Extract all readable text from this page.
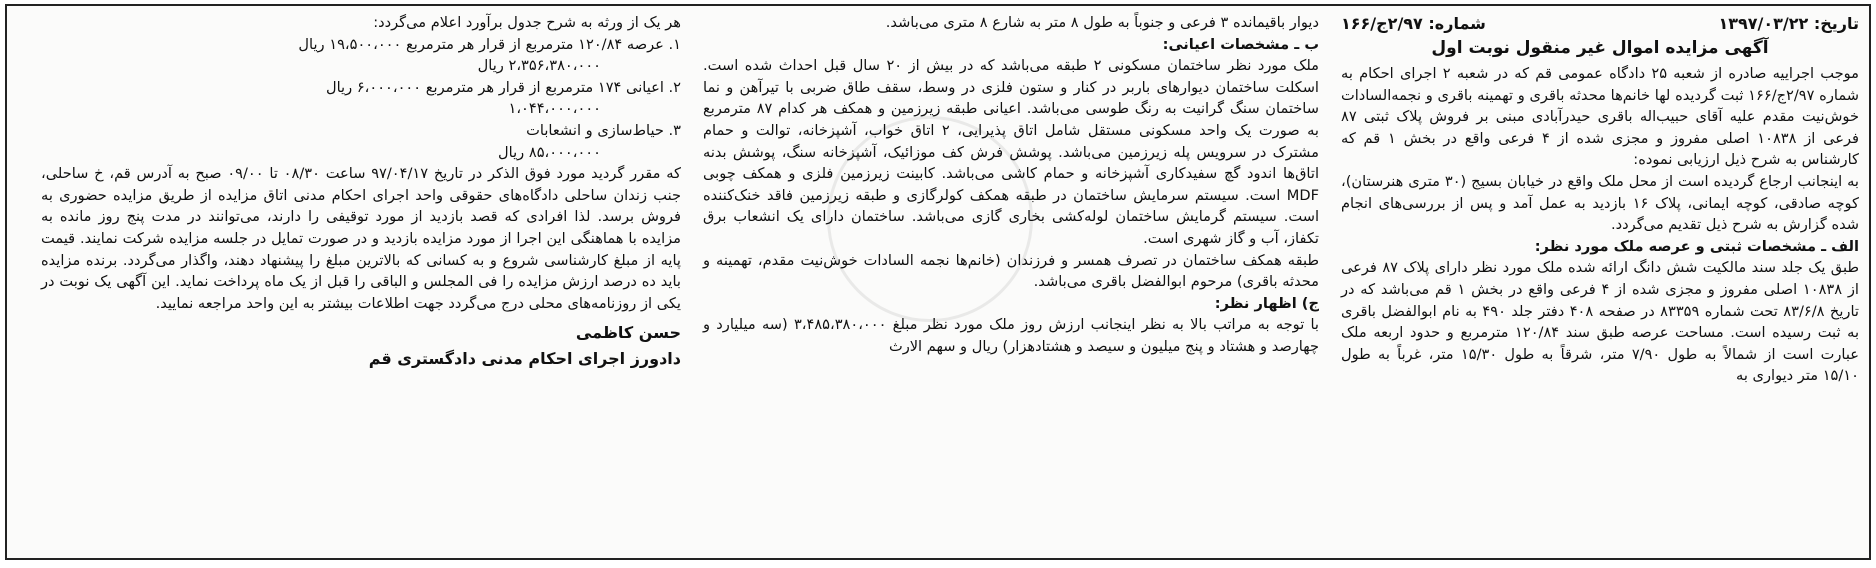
تاریخ: ۱۳۹۷/۰۳/۲۲
شماره: ۲/۹۷ج/۱۶۶
آگهی مزایده اموال غیر منقول نوبت اول

موجب اجراییه صادره از شعبه ۲۵ دادگاه عمومی قم که در شعبه ۲ اجرای احکام به شماره ۲/۹۷ج/۱۶۶ ثبت گردیده لها خانم‌ها محدثه باقری و تهمینه باقری و نجمه‌السادات خوش‌نیت مقدم علیه آقای حبیب‌اله باقری حیدرآبادی مبنی بر فروش پلاک ثبتی ۸۷ فرعی از ۱۰۸۳۸ اصلی مفروز و مجزی شده از ۴ فرعی واقع در بخش ۱ قم که کارشناس به شرح ذیل ارزیابی نموده:

به اینجانب ارجاع گردیده است از محل ملک واقع در خیابان بسیج (۳۰ متری هنرستان)، کوچه صادقی، کوچه ایمانی، پلاک ۱۶ بازدید به عمل آمد و پس از بررسی‌های انجام شده گزارش به شرح ذیل تقدیم می‌گردد.

الف ـ مشخصات ثبتی و عرصه ملک مورد نظر:

طبق یک جلد سند مالکیت شش دانگ ارائه شده ملک مورد نظر دارای پلاک ۸۷ فرعی از ۱۰۸۳۸ اصلی مفروز و مجزی شده از ۴ فرعی واقع در بخش ۱ قم می‌باشد که در تاریخ ۸۳/۶/۸ تحت شماره ۸۳۳۵۹ در صفحه ۴۰۸ دفتر جلد ۴۹۰ به نام ابوالفضل باقری به ثبت رسیده است. مساحت عرصه طبق سند ۱۲۰/۸۴ مترمربع و حدود اربعه ملک عبارت است از شمالاً به طول ۷/۹۰ متر، شرقاً به طول ۱۵/۳۰ متر، غرباً به طول ۱۵/۱۰ متر دیواری به

دیوار باقیمانده ۳ فرعی و جنوباً به طول ۸ متر به شارع ۸ متری می‌باشد.

ب ـ مشخصات اعیانی:

ملک مورد نظر ساختمان مسکونی ۲ طبقه می‌باشد که در بیش از ۲۰ سال قبل احداث شده است. اسکلت ساختمان دیوارهای باربر در کنار و ستون فلزی در وسط، سقف طاق ضربی با تیرآهن و نما ساختمان سنگ گرانیت به رنگ طوسی می‌باشد. اعیانی طبقه زیرزمین و همکف هر کدام ۸۷ مترمربع به صورت یک واحد مسکونی مستقل شامل اتاق پذیرایی، ۲ اتاق خواب، آشپزخانه، توالت و حمام مشترک در سرویس پله زیرزمین می‌باشد. پوشش فرش کف موزائیک، آشپزخانه سنگ، پوشش بدنه اتاق‌ها اندود گچ سفیدکاری آشپزخانه و حمام کاشی می‌باشد. کابینت زیرزمین فلزی و همکف چوبی MDF است. سیستم سرمایش ساختمان در طبقه همکف کولرگازی و طبقه زیرزمین فاقد خنک‌کننده است. سیستم گرمایش ساختمان لوله‌کشی بخاری گازی می‌باشد. ساختمان دارای یک انشعاب برق تکفاز، آب و گاز شهری است.

طبقه همکف ساختمان در تصرف همسر و فرزندان (خانم‌ها نجمه السادات خوش‌نیت مقدم، تهمینه و محدثه باقری) مرحوم ابوالفضل باقری می‌باشد.

ج) اظهار نظر:

با توجه به مراتب بالا به نظر اینجانب ارزش روز ملک مورد نظر مبلغ ۳،۴۸۵،۳۸۰،۰۰۰ (سه میلیارد و چهارصد و هشتاد و پنج میلیون و سیصد و هشتادهزار) ریال و سهم الارث

هر یک از ورثه به شرح جدول برآورد اعلام می‌گردد:

۱. عرصه ۱۲۰/۸۴ مترمربع از قرار هر مترمربع ۱۹،۵۰۰،۰۰۰ ریال
۲،۳۵۶،۳۸۰،۰۰۰ ریال
۲. اعیانی ۱۷۴ مترمربع از قرار هر مترمربع ۶،۰۰۰،۰۰۰ ریال
۱،۰۴۴،۰۰۰،۰۰۰
۳. حیاط‌سازی و انشعابات
۸۵،۰۰۰،۰۰۰ ریال

که مقرر گردید مورد فوق الذکر در تاریخ ۹۷/۰۴/۱۷ ساعت ۰۸/۳۰ تا ۰۹/۰۰ صبح به آدرس قم، خ ساحلی، جنب زندان ساحلی دادگاه‌های حقوقی واحد اجرای احکام مدنی اتاق مزایده از طریق مزایده حضوری به فروش برسد. لذا افرادی که قصد بازدید از مورد توقیفی را دارند، می‌توانند در مدت پنج روز مانده به مزایده با هماهنگی این اجرا از مورد مزایده بازدید و در صورت تمایل در جلسه مزایده شرکت نمایند. قیمت پایه از مبلغ کارشناسی شروع و به کسانی که بالاترین مبلغ را پیشنهاد دهند، واگذار می‌گردد. برنده مزایده باید ده درصد ارزش مزایده را فی المجلس و الباقی را قبل از یک ماه پرداخت نماید. این آگهی یک نوبت در یکی از روزنامه‌های محلی درج می‌گردد جهت اطلاعات بیشتر به این واحد مراجعه نمایید.

حسن کاظمی
دادورز اجرای احکام مدنی دادگستری قم
